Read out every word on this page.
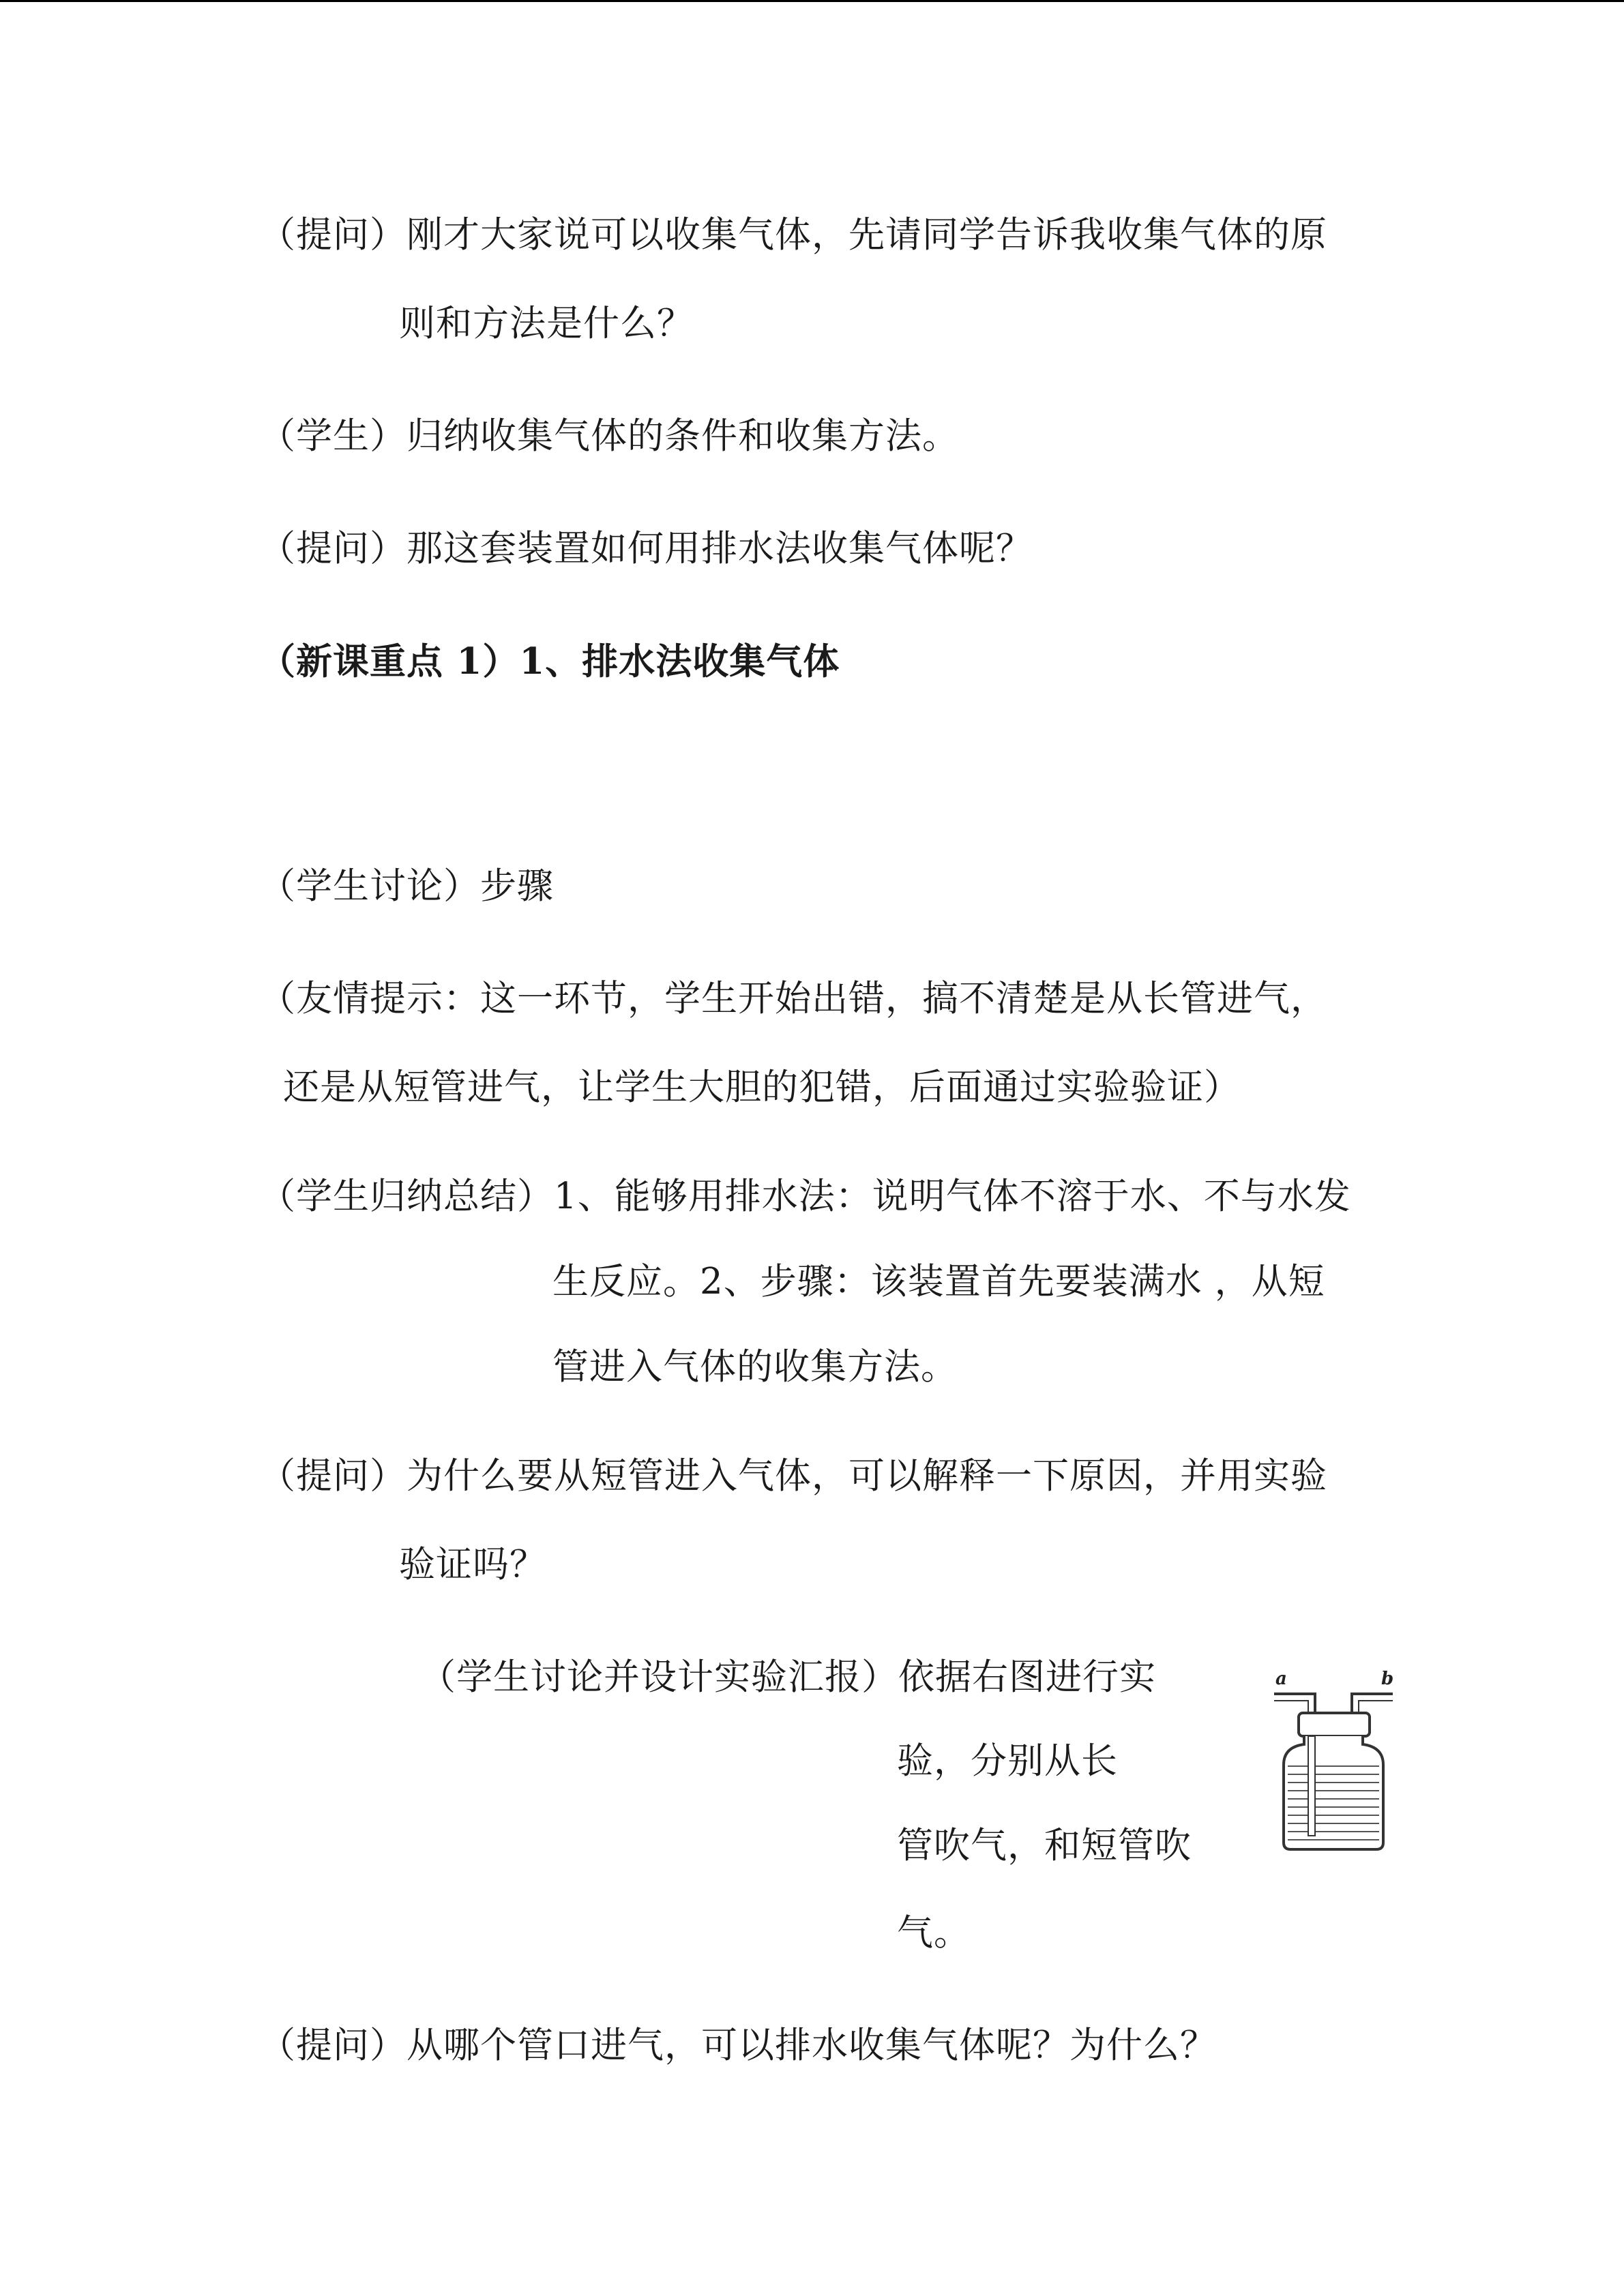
（提问）刚才大家说可以收集气体，先请同学告诉我收集气体的原
则和方法是什么？
（学生）归纳收集气体的条件和收集方法。
（提问）那这套装置如何用排水法收集气体呢？
（新课重点 1）1、排水法收集气体
（学生讨论）步骤
（友情提示：这一环节，学生开始出错，搞不清楚是从长管进气，
还是从短管进气，让学生大胆的犯错，后面通过实验验证）
（学生归纳总结）1、能够用排水法：说明气体不溶于水、不与水发
生反应。2、步骤：该装置首先要装满水 ，从短
管进入气体的收集方法。
（提问）为什么要从短管进入气体，可以解释一下原因，并用实验
验证吗？
（学生讨论并设计实验汇报）依据右图进行实
验，分别从长
管吹气，和短管吹
气。
a	b
（提问）从哪个管口进气，可以排水收集气体呢？为什么？
